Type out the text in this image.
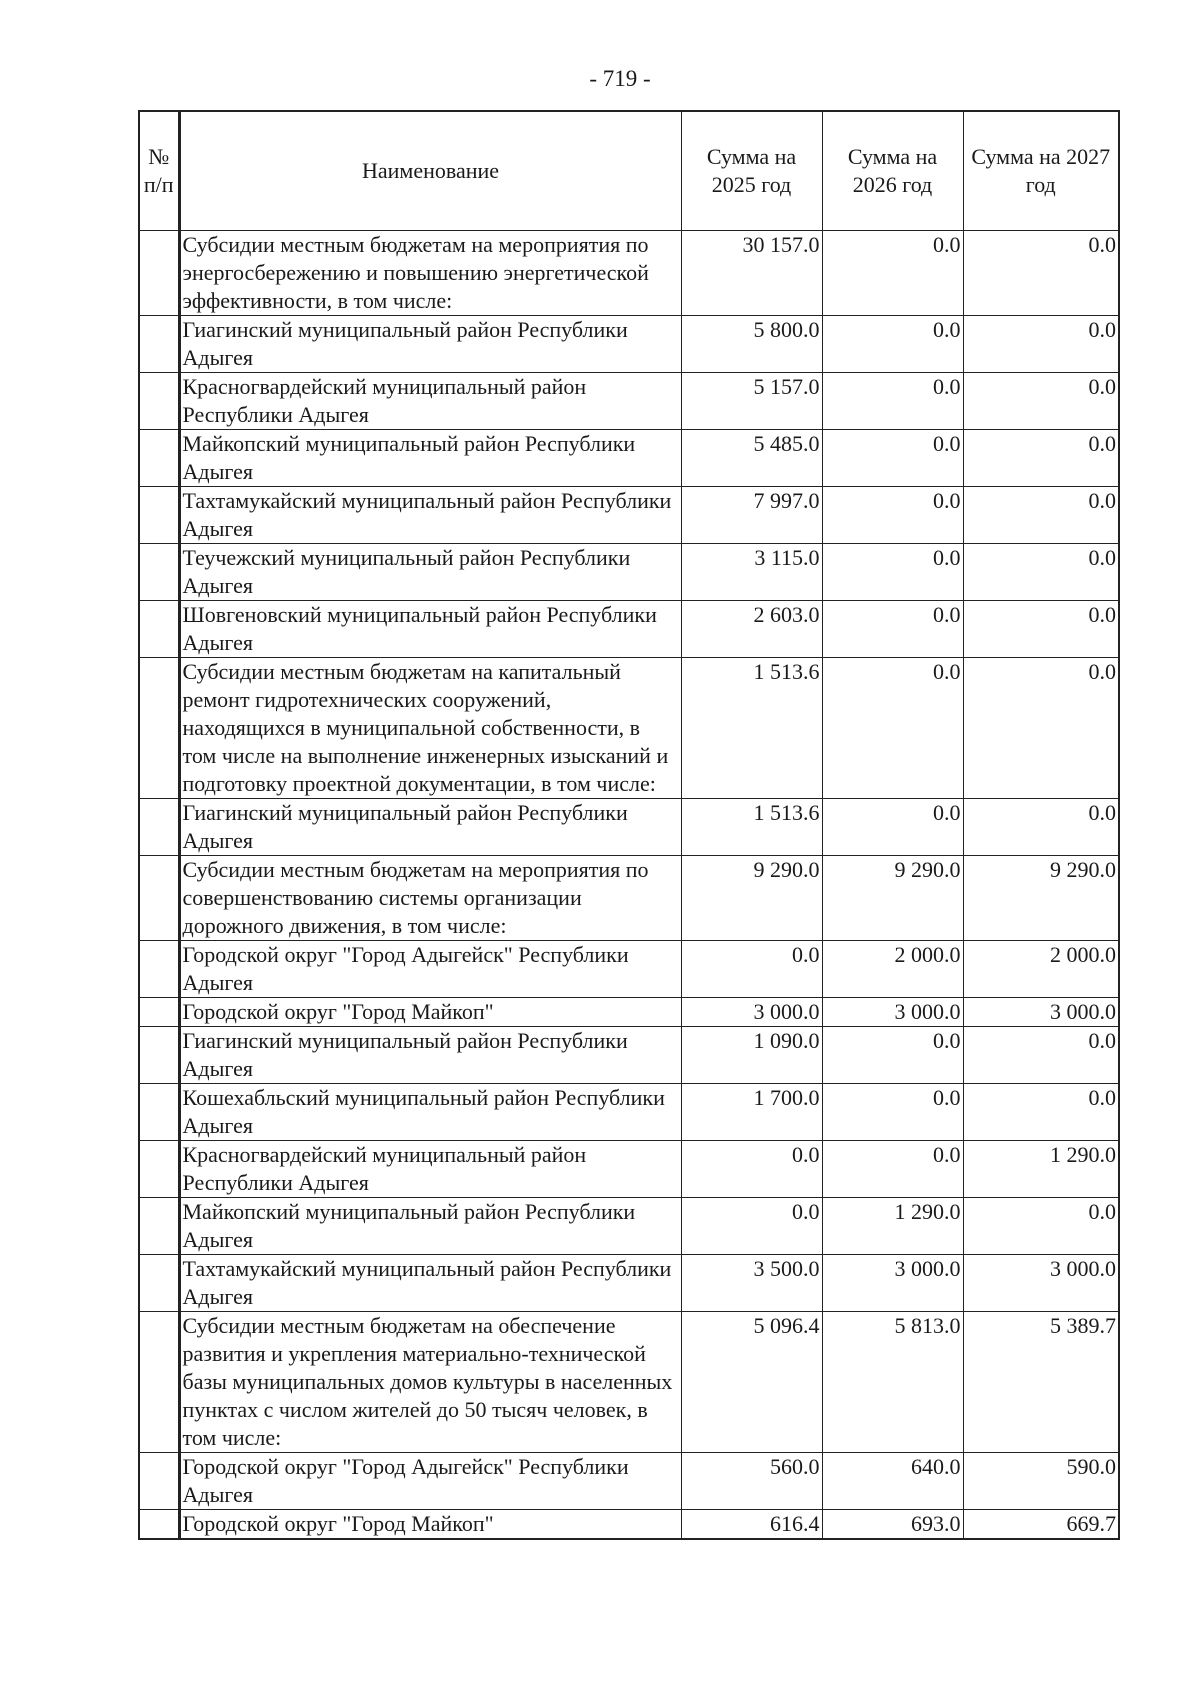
- 719 -
№ п/п	Наименование	Сумма на 2025 год	Сумма на 2026 год	Сумма на 2027 год
	Субсидии местным бюджетам на мероприятия по энергосбережению и повышению энергетической эффективности, в том числе:	30 157.0	0.0	0.0
	Гиагинский муниципальный район Республики Адыгея	5 800.0	0.0	0.0
	Красногвардейский муниципальный район Республики Адыгея	5 157.0	0.0	0.0
	Майкопский муниципальный район Республики Адыгея	5 485.0	0.0	0.0
	Тахтамукайский муниципальный район Республики Адыгея	7 997.0	0.0	0.0
	Теучежский муниципальный район Республики Адыгея	3 115.0	0.0	0.0
	Шовгеновский муниципальный район Республики Адыгея	2 603.0	0.0	0.0
	Субсидии местным бюджетам на капитальный ремонт гидротехнических сооружений, находящихся в муниципальной собственности, в том числе на выполнение инженерных изысканий и подготовку проектной документации, в том числе:	1 513.6	0.0	0.0
	Гиагинский муниципальный район Республики Адыгея	1 513.6	0.0	0.0
	Субсидии местным бюджетам на мероприятия по совершенствованию системы организации дорожного движения, в том числе:	9 290.0	9 290.0	9 290.0
	Городской округ "Город Адыгейск" Республики Адыгея	0.0	2 000.0	2 000.0
	Городской округ "Город Майкоп"	3 000.0	3 000.0	3 000.0
	Гиагинский муниципальный район Республики Адыгея	1 090.0	0.0	0.0
	Кошехабльский муниципальный район Республики Адыгея	1 700.0	0.0	0.0
	Красногвардейский муниципальный район Республики Адыгея	0.0	0.0	1 290.0
	Майкопский муниципальный район Республики Адыгея	0.0	1 290.0	0.0
	Тахтамукайский муниципальный район Республики Адыгея	3 500.0	3 000.0	3 000.0
	Субсидии местным бюджетам на обеспечение развития и укрепления материально-технической базы муниципальных домов культуры в населенных пунктах с числом жителей до 50 тысяч человек, в том числе:	5 096.4	5 813.0	5 389.7
	Городской округ "Город Адыгейск" Республики Адыгея	560.0	640.0	590.0
	Городской округ "Город Майкоп"	616.4	693.0	669.7
